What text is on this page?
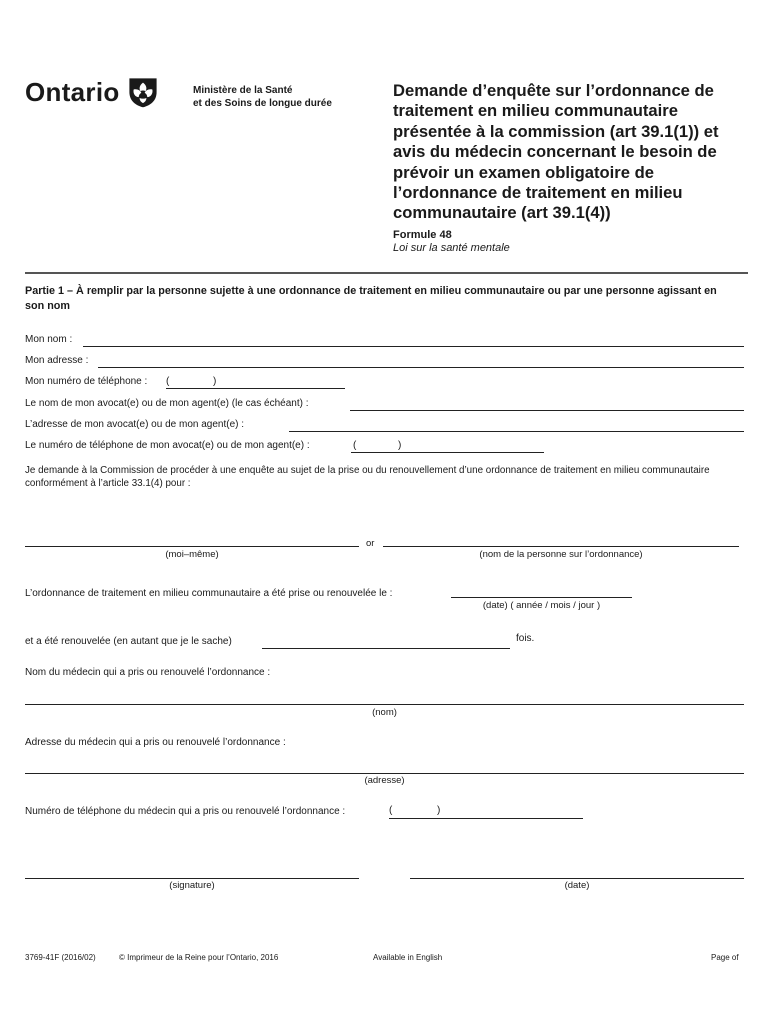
Ontario	Ministère de la Santé
et des Soins de longue durée
Demande d’enquête sur l’ordonnance de traitement en milieu communautaire présentée à la commission (art 39.1(1)) et avis du médecin concernant le besoin de prévoir un examen obligatoire de l’ordonnance de traitement en milieu communautaire (art 39.1(4))
Formule 48
Loi sur la santé mentale
Partie 1 – À remplir par la personne sujette à une ordonnance de traitement en milieu communautaire ou par une personne agissant en son nom
Mon nom :
Mon adresse :
Mon numéro de téléphone : (	)
Le nom de mon avocat(e) ou de mon agent(e) (le cas échéant) :
L’adresse de mon avocat(e) ou de mon agent(e) :
Le numéro de téléphone de mon avocat(e) ou de mon agent(e) :	(	)
Je demande à la Commission de procéder à une enquête au sujet de la prise ou du renouvellement d’une ordonnance de traitement en milieu communautaire conformément à l’article 33.1(4) pour :
or
(moi–même)	(nom de la personne sur l’ordonnance)
L’ordonnance de traitement en milieu communautaire a été prise ou renouvelée le :
(date) ( année / mois / jour )
et a été renouvelée (en autant que je le sache)	fois.
Nom du médecin qui a pris ou renouvelé l’ordonnance :
(nom)
Adresse du médecin qui a pris ou renouvelé l’ordonnance :
(adresse)
Numéro de téléphone du médecin qui a pris ou renouvelé l’ordonnance :	(	)
(signature)	(date)
3769-41F (2016/02)	© Imprimeur de la Reine pour l’Ontario, 2016	Available in English	Page of
